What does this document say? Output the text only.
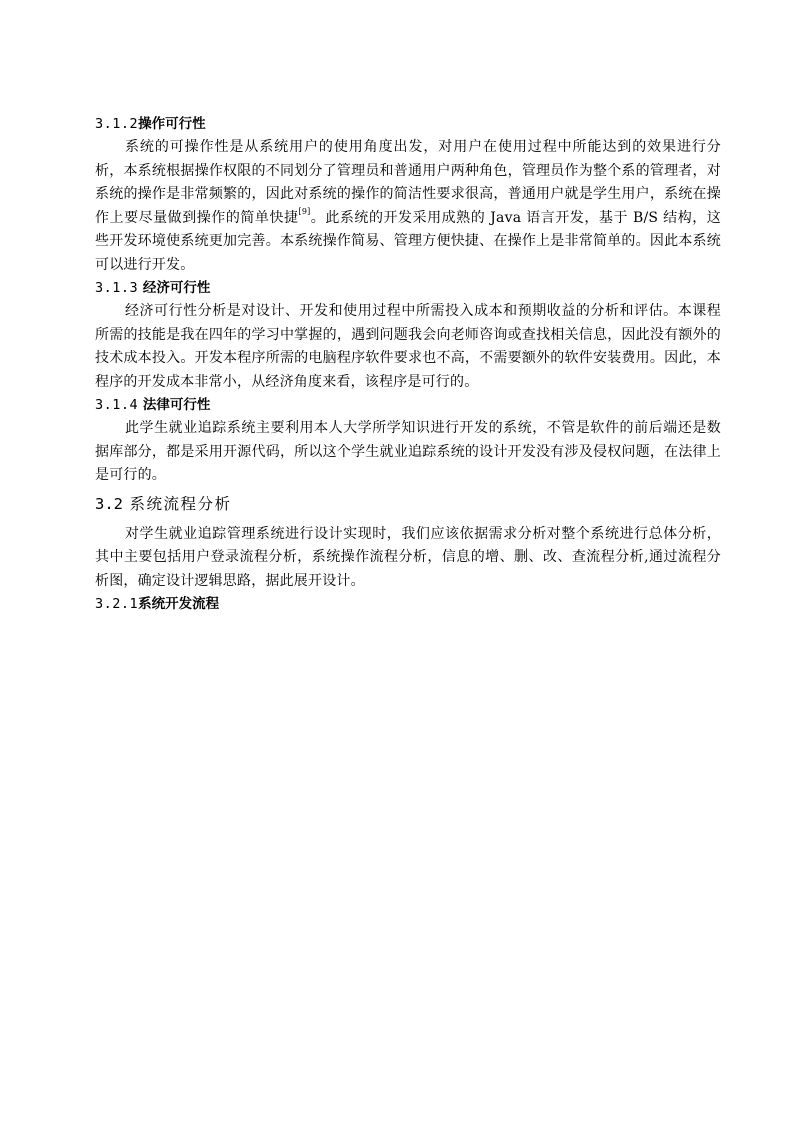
3.1.2操作可行性

系统的可操作性是从系统用户的使用角度出发，对用户在使用过程中所能达到的效果进行分析，本系统根据操作权限的不同划分了管理员和普通用户两种角色，管理员作为整个系的管理者，对系统的操作是非常频繁的，因此对系统的操作的简洁性要求很高，普通用户就是学生用户，系统在操作上要尽量做到操作的简单快捷[9]。此系统的开发采用成熟的 Java 语言开发，基于 B/S 结构，这些开发环境使系统更加完善。本系统操作简易、管理方便快捷、在操作上是非常简单的。因此本系统可以进行开发。

3.1.3 经济可行性

经济可行性分析是对设计、开发和使用过程中所需投入成本和预期收益的分析和评估。本课程所需的技能是我在四年的学习中掌握的，遇到问题我会向老师咨询或查找相关信息，因此没有额外的技术成本投入。开发本程序所需的电脑程序软件要求也不高，不需要额外的软件安装费用。因此，本程序的开发成本非常小，从经济角度来看，该程序是可行的。

3.1.4 法律可行性

此学生就业追踪系统主要利用本人大学所学知识进行开发的系统，不管是软件的前后端还是数据库部分，都是采用开源代码，所以这个学生就业追踪系统的设计开发没有涉及侵权问题，在法律上是可行的。

3.2 系统流程分析

对学生就业追踪管理系统进行设计实现时，我们应该依据需求分析对整个系统进行总体分析，其中主要包括用户登录流程分析，系统操作流程分析，信息的增、删、改、查流程分析,通过流程分析图，确定设计逻辑思路，据此展开设计。

3.2.1系统开发流程
